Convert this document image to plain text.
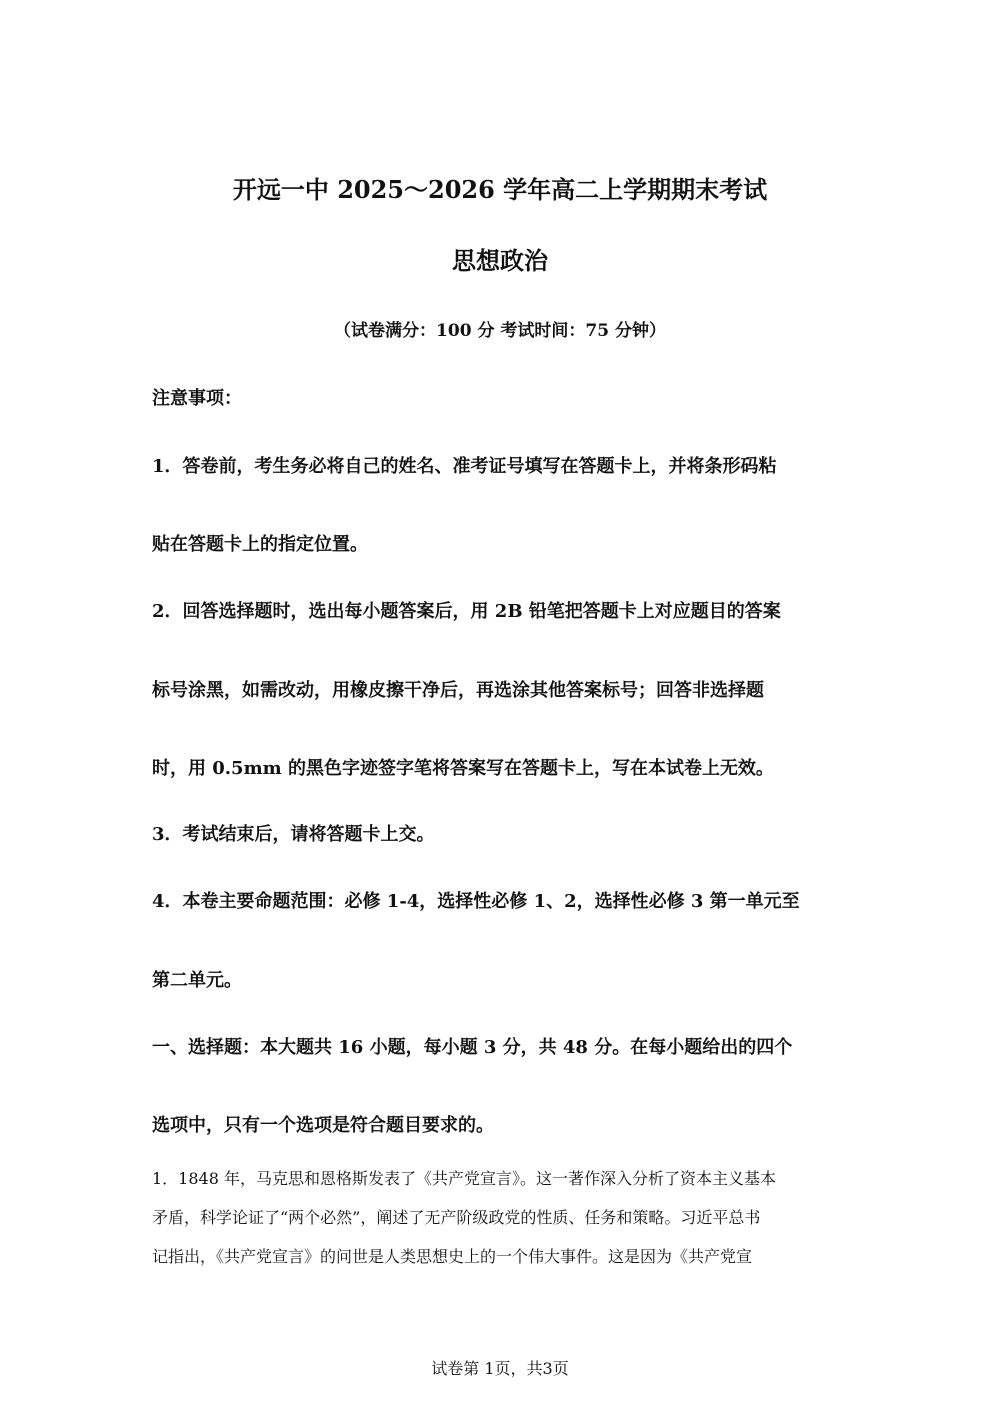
开远一中 2025～2026 学年高二上学期期末考试
思想政治

（试卷满分：100 分 考试时间：75 分钟）

注意事项：

1．答卷前，考生务必将自己的姓名、准考证号填写在答题卡上，并将条形码粘

贴在答题卡上的指定位置。

2．回答选择题时，选出每小题答案后，用 2B 铅笔把答题卡上对应题目的答案

标号涂黑，如需改动，用橡皮擦干净后，再选涂其他答案标号；回答非选择题

时，用 0.5mm 的黑色字迹签字笔将答案写在答题卡上，写在本试卷上无效。

3．考试结束后，请将答题卡上交。

4．本卷主要命题范围：必修 1-4，选择性必修 1、2，选择性必修 3 第一单元至

第二单元。

一、选择题：本大题共 16 小题，每小题 3 分，共 48 分。在每小题给出的四个

选项中，只有一个选项是符合题目要求的。

1．1848 年，马克思和恩格斯发表了《共产党宣言》。这一著作深入分析了资本主义基本

矛盾，科学论证了“两个必然”，阐述了无产阶级政党的性质、任务和策略。习近平总书

记指出，《共产党宣言》的问世是人类思想史上的一个伟大事件。这是因为《共产党宣

试卷第 1页，共3页
